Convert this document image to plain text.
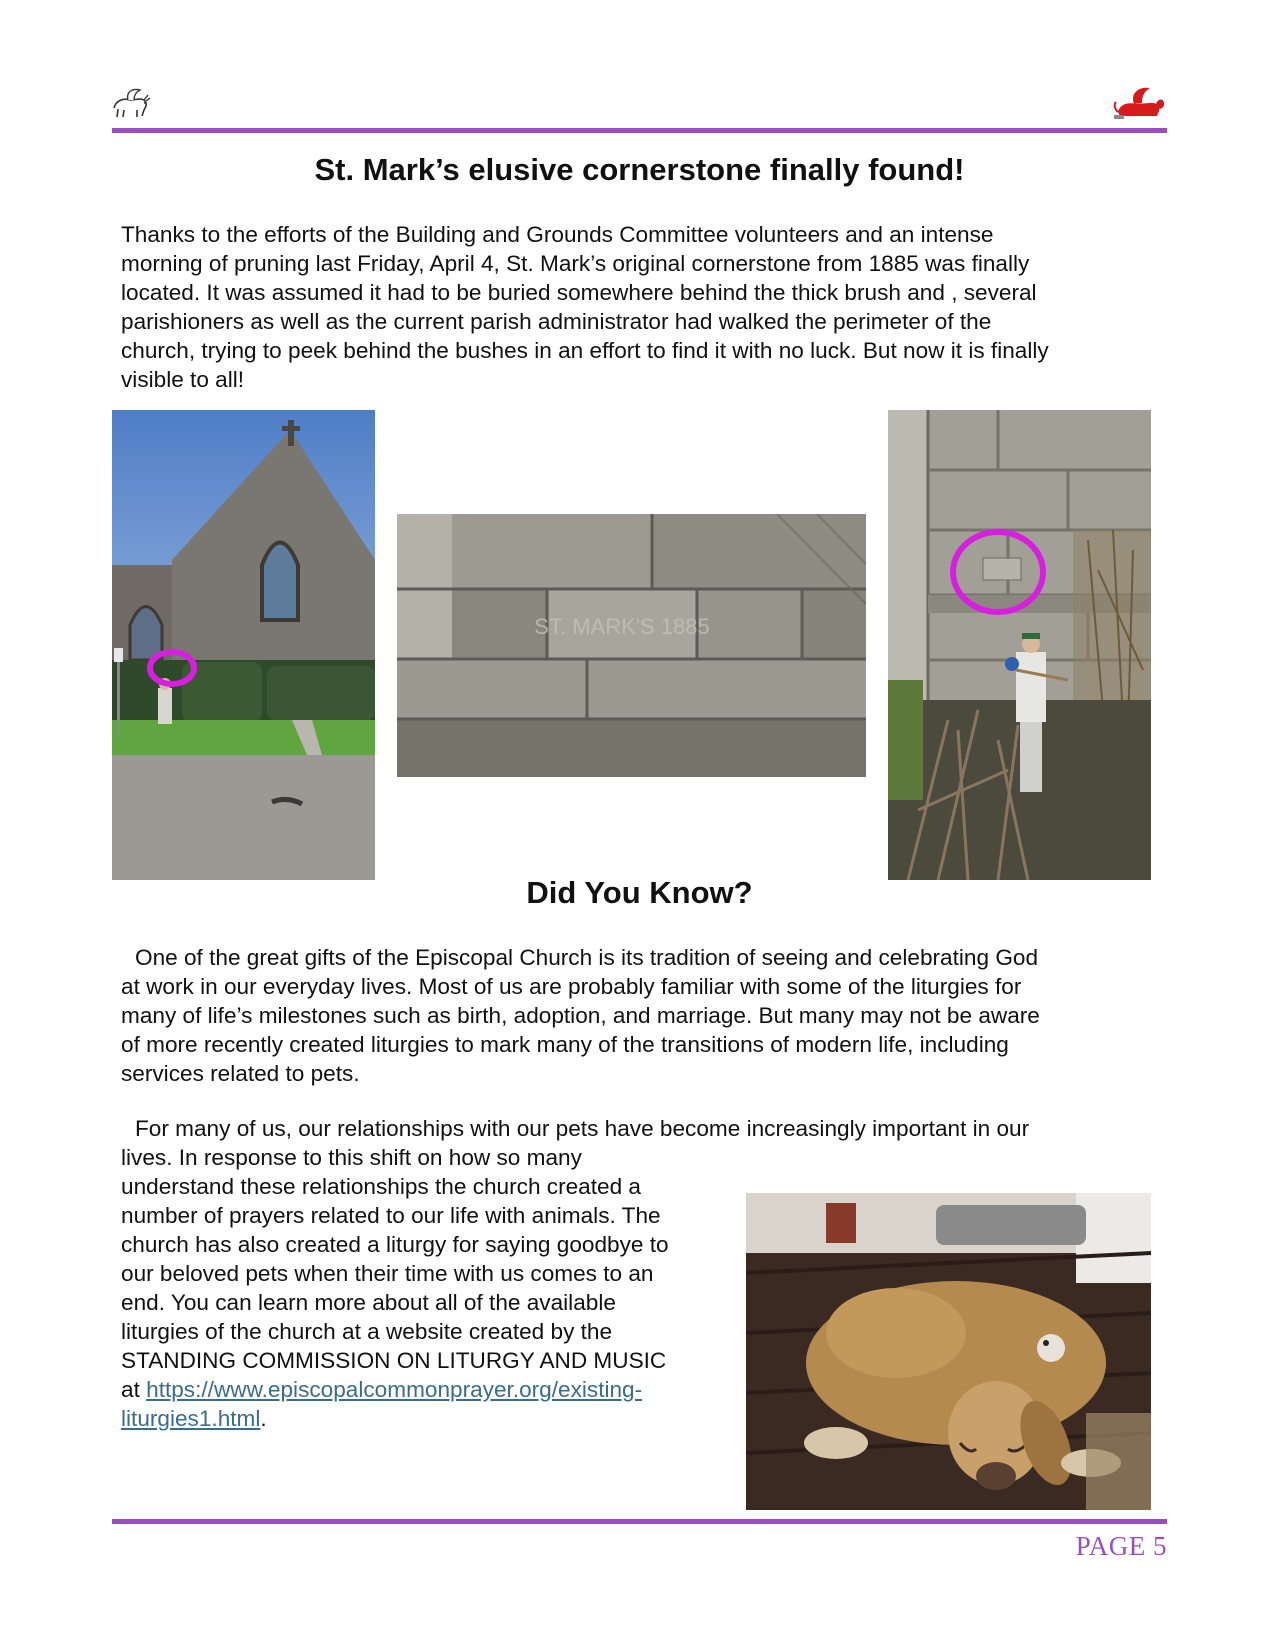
St. Mark’s elusive cornerstone finally found!
Thanks to the efforts of the Building and Grounds Committee volunteers and an intense
morning of pruning last Friday, April 4, St. Mark’s original cornerstone from 1885 was finally
located. It was assumed it had to be buried somewhere behind the thick brush and , several
parishioners as well as the current parish administrator had walked the perimeter of the
church, trying to peek behind the bushes in an effort to find it with no luck. But now it is finally
visible to all!
ST. MARK'S 1885
Did You Know?
One of the great gifts of the Episcopal Church is its tradition of seeing and celebrating God
at work in our everyday lives. Most of us are probably familiar with some of the liturgies for
many of life’s milestones such as birth, adoption, and marriage. But many may not be aware
of more recently created liturgies to mark many of the transitions of modern life, including
services related to pets.
For many of us, our relationships with our pets have become increasingly important in our
lives. In response to this shift on how so many
understand these relationships the church created a
number of prayers related to our life with animals. The
church has also created a liturgy for saying goodbye to
our beloved pets when their time with us comes to an
end. You can learn more about all of the available
liturgies of the church at a website created by the
STANDING COMMISSION ON LITURGY AND MUSIC
at https://www.episcopalcommonprayer.org/existing-
liturgies1.html.
PAGE 5
